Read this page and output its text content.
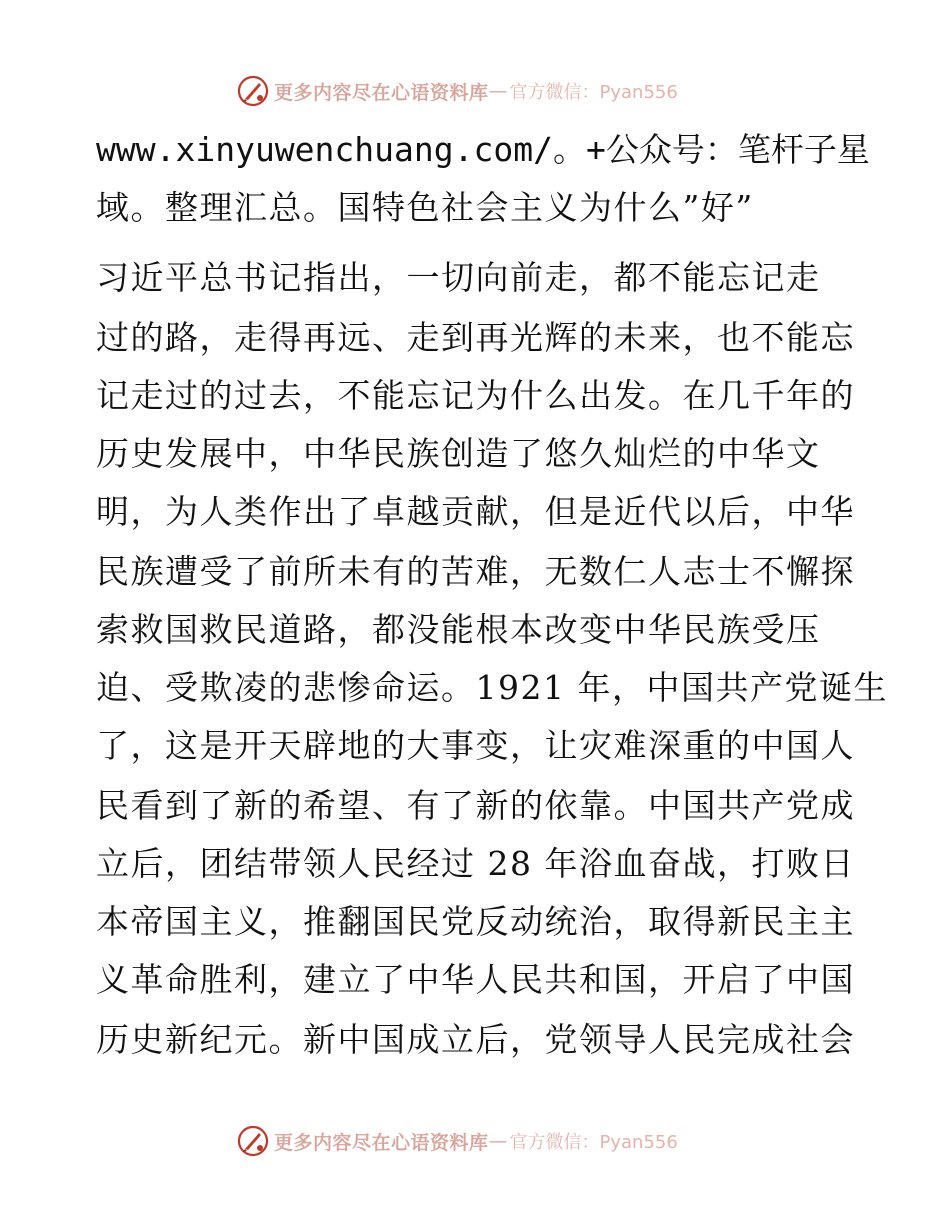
更多内容尽在心语资料库 — 官方微信：Pyan556
www.xinyuwenchuang.com/。+公众号：笔杆子星
域。整理汇总。国特色社会主义为什么”好”
习近平总书记指出，一切向前走，都不能忘记走
过的路，走得再远、走到再光辉的未来，也不能忘
记走过的过去，不能忘记为什么出发。在几千年的
历史发展中，中华民族创造了悠久灿烂的中华文
明，为人类作出了卓越贡献，但是近代以后，中华
民族遭受了前所未有的苦难，无数仁人志士不懈探
索救国救民道路，都没能根本改变中华民族受压
迫、受欺凌的悲惨命运。1921 年，中国共产党诞生
了，这是开天辟地的大事变，让灾难深重的中国人
民看到了新的希望、有了新的依靠。中国共产党成
立后，团结带领人民经过 28 年浴血奋战，打败日
本帝国主义，推翻国民党反动统治，取得新民主主
义革命胜利，建立了中华人民共和国，开启了中国
历史新纪元。新中国成立后，党领导人民完成社会
更多内容尽在心语资料库 — 官方微信：Pyan556
